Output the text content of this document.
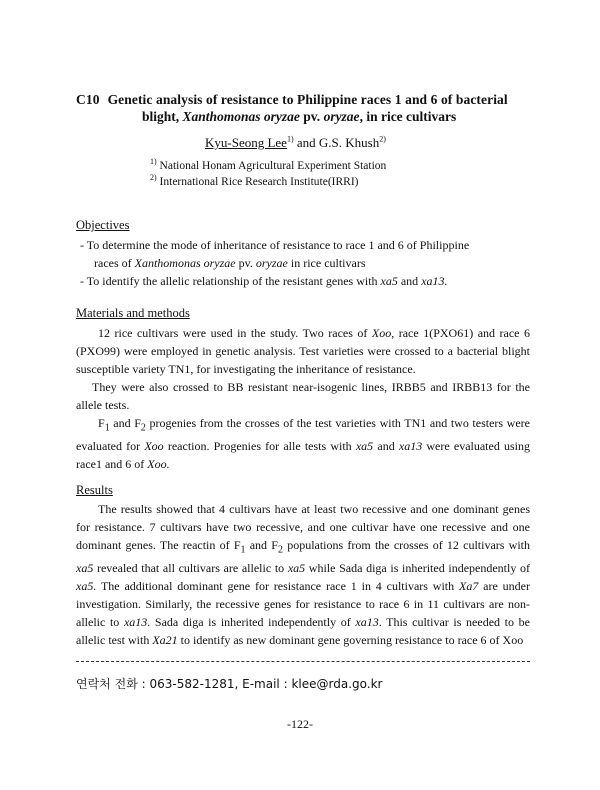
C10 Genetic analysis of resistance to Philippine races 1 and 6 of bacterial
blight, Xanthomonas oryzae pv. oryzae, in rice cultivars
Kyu-Seong Lee$^{1)}$ and G.S. Khush$^{2)}$
$^{1)}$ National Honam Agricultural Experiment Station
$^{2)}$ International Rice Research Institute(IRRI)
Objectives
- To determine the mode of inheritance of resistance to race 1 and 6 of Philippine
races of Xanthomonas oryzae pv. oryzae in rice cultivars
- To identify the allelic relationship of the resistant genes with xa5 and xa13.
Materials and methods
12 rice cultivars were used in the study. Two races of Xoo, race 1(PXO61) and race 6 (PXO99) were employed in genetic analysis. Test varieties were crossed to a bacterial blight susceptible variety TN1, for investigating the inheritance of resistance.
They were also crossed to BB resistant near-isogenic lines, IRBB5 and IRBB13 for the allele tests.
$F_1$ and $F_2$ progenies from the crosses of the test varieties with TN1 and two testers were evaluated for Xoo reaction. Progenies for alle tests with xa5 and xa13 were evaluated using race1 and 6 of Xoo.
Results
The results showed that 4 cultivars have at least two recessive and one dominant genes for resistance. 7 cultivars have two recessive, and one cultivar have one recessive and one dominant genes. The reactin of $F_1$ and $F_2$ populations from the crosses of 12 cultivars with xa5 revealed that all cultivars are allelic to xa5 while Sada diga is inherited independently of xa5. The additional dominant gene for resistance race 1 in 4 cultivars with Xa7 are under investigation. Similarly, the recessive genes for resistance to race 6 in 11 cultivars are non-allelic to xa13. Sada diga is inherited independently of xa13. This cultivar is needed to be allelic test with Xa21 to identify as new dominant gene governing resistance to race 6 of Xoo
연락처 전화 : 063-582-1281, E-mail : klee@rda.go.kr
-122-
